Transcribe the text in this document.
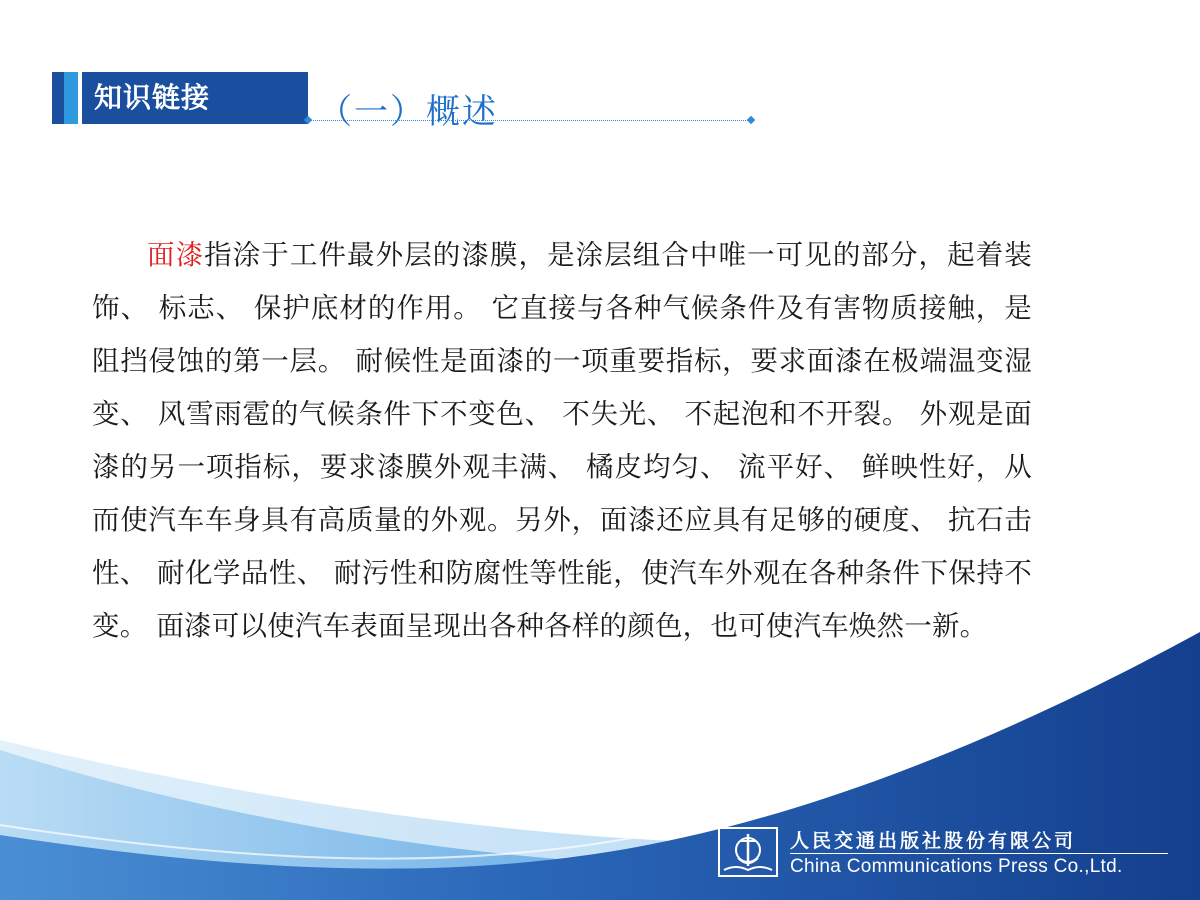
知识链接	（一）概述

面漆指涂于工件最外层的漆膜，是涂层组合中唯一可见的部分，起着装饰、 标志、 保护底材的作用。 它直接与各种气候条件及有害物质接触，是阻挡侵蚀的第一层。 耐候性是面漆的一项重要指标，要求面漆在极端温变湿变、 风雪雨雹的气候条件下不变色、 不失光、 不起泡和不开裂。 外观是面漆的另一项指标，要求漆膜外观丰满、 橘皮均匀、 流平好、 鲜映性好，从而使汽车车身具有高质量的外观。另外，面漆还应具有足够的硬度、 抗石击性、 耐化学品性、 耐污性和防腐性等性能，使汽车外观在各种条件下保持不变。 面漆可以使汽车表面呈现出各种各样的颜色，也可使汽车焕然一新。

人民交通出版社股份有限公司
China Communications Press Co.,Ltd.
